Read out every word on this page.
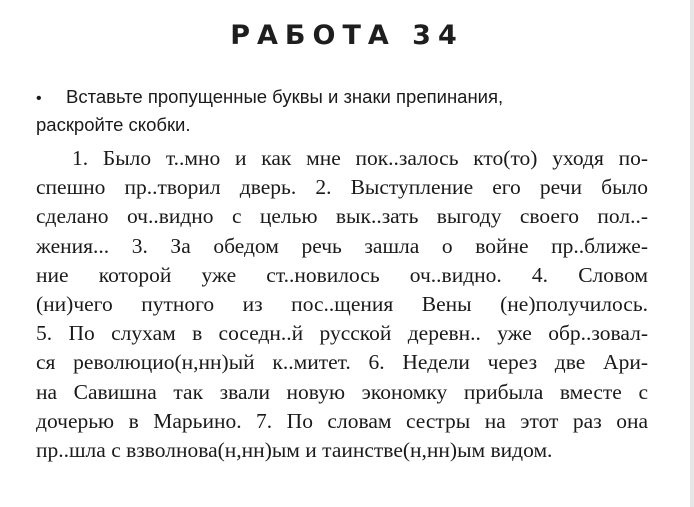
РАБОТА 34
• Вставьте пропущенные буквы и знаки препинания,
раскройте скобки.
1. Было т..мно и как мне пок..залось кто(то) уходя по-
спешно пр..творил дверь. 2. Выступление его речи было
сделано оч..видно с целью вык..зать выгоду своего пол..-
жения... 3. За обедом речь зашла о войне пр..ближе-
ние которой уже ст..новилось оч..видно. 4. Словом
(ни)чего путного из пос..щения Вены (не)получилось.
5. По слухам в соседн..й русской деревн.. уже обр..зовал-
ся революцио(н,нн)ый к..митет. 6. Недели через две Ари-
на Савишна так звали новую экономку прибыла вместе с
дочерью в Марьино. 7. По словам сестры на этот раз она
пр..шла с взволнова(н,нн)ым и таинстве(н,нн)ым видом.
